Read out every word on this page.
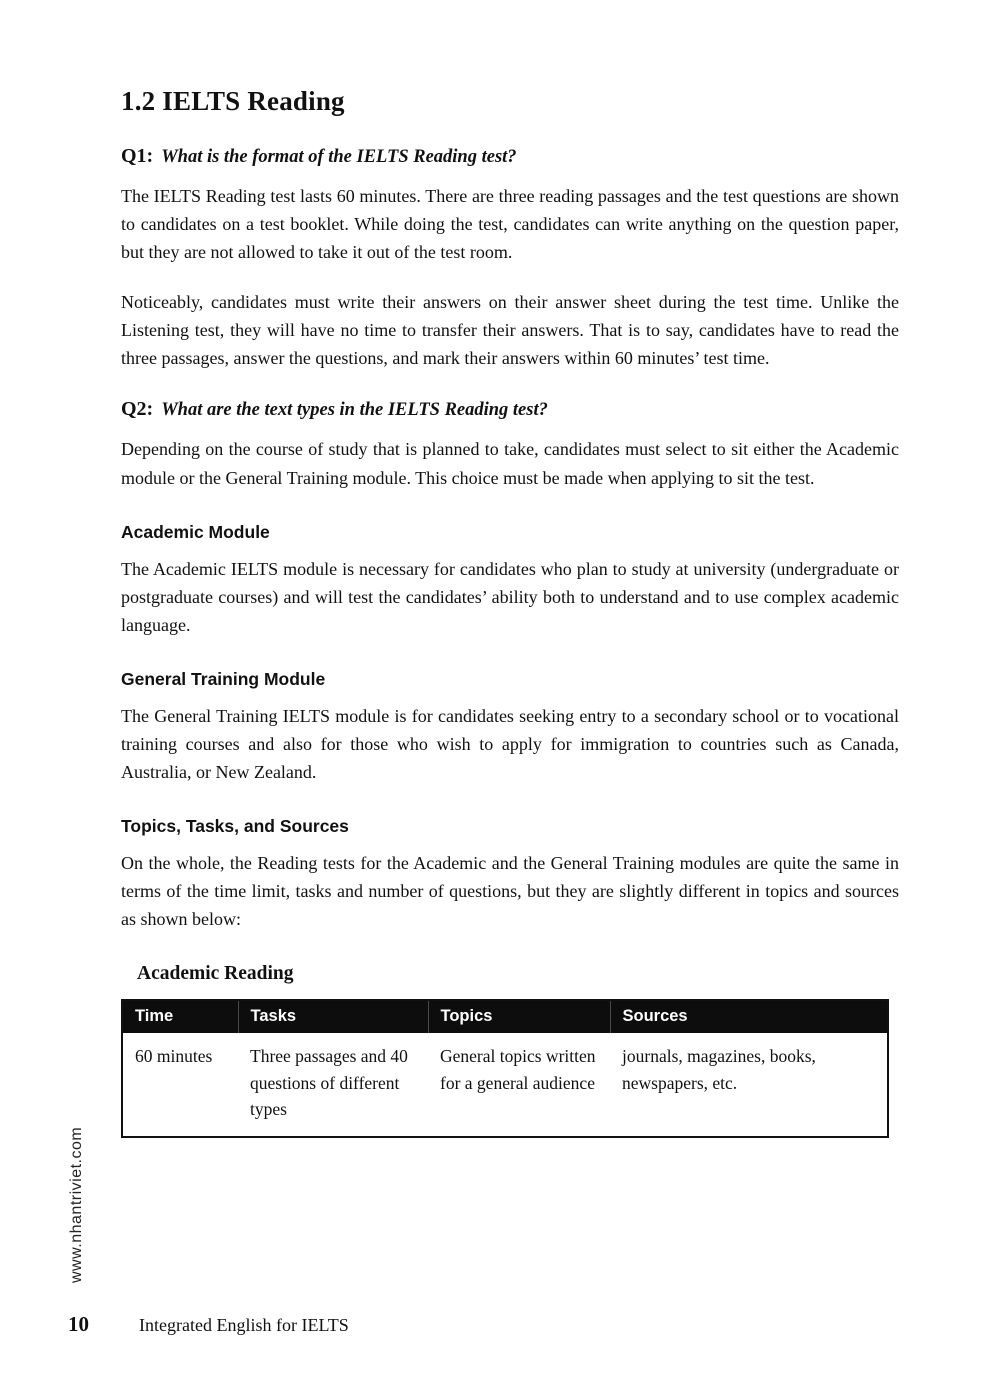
1.2 IELTS Reading
Q1: What is the format of the IELTS Reading test?

The IELTS Reading test lasts 60 minutes. There are three reading passages and the test questions are shown to candidates on a test booklet. While doing the test, candidates can write anything on the question paper, but they are not allowed to take it out of the test room.

Noticeably, candidates must write their answers on their answer sheet during the test time. Unlike the Listening test, they will have no time to transfer their answers. That is to say, candidates have to read the three passages, answer the questions, and mark their answers within 60 minutes’ test time.

Q2: What are the text types in the IELTS Reading test?

Depending on the course of study that is planned to take, candidates must select to sit either the Academic module or the General Training module. This choice must be made when applying to sit the test.

Academic Module

The Academic IELTS module is necessary for candidates who plan to study at university (undergraduate or postgraduate courses) and will test the candidates’ ability both to understand and to use complex academic language.

General Training Module

The General Training IELTS module is for candidates seeking entry to a secondary school or to vocational training courses and also for those who wish to apply for immigration to countries such as Canada, Australia, or New Zealand.

Topics, Tasks, and Sources

On the whole, the Reading tests for the Academic and the General Training modules are quite the same in terms of the time limit, tasks and number of questions, but they are slightly different in topics and sources as shown below:

Academic Reading
Time	Tasks	Topics	Sources
60 minutes	Three passages and 40 questions of different types	General topics written for a general audience	journals, magazines, books, newspapers, etc.
www.nhantriviet.com
10	Integrated English for IELTS
